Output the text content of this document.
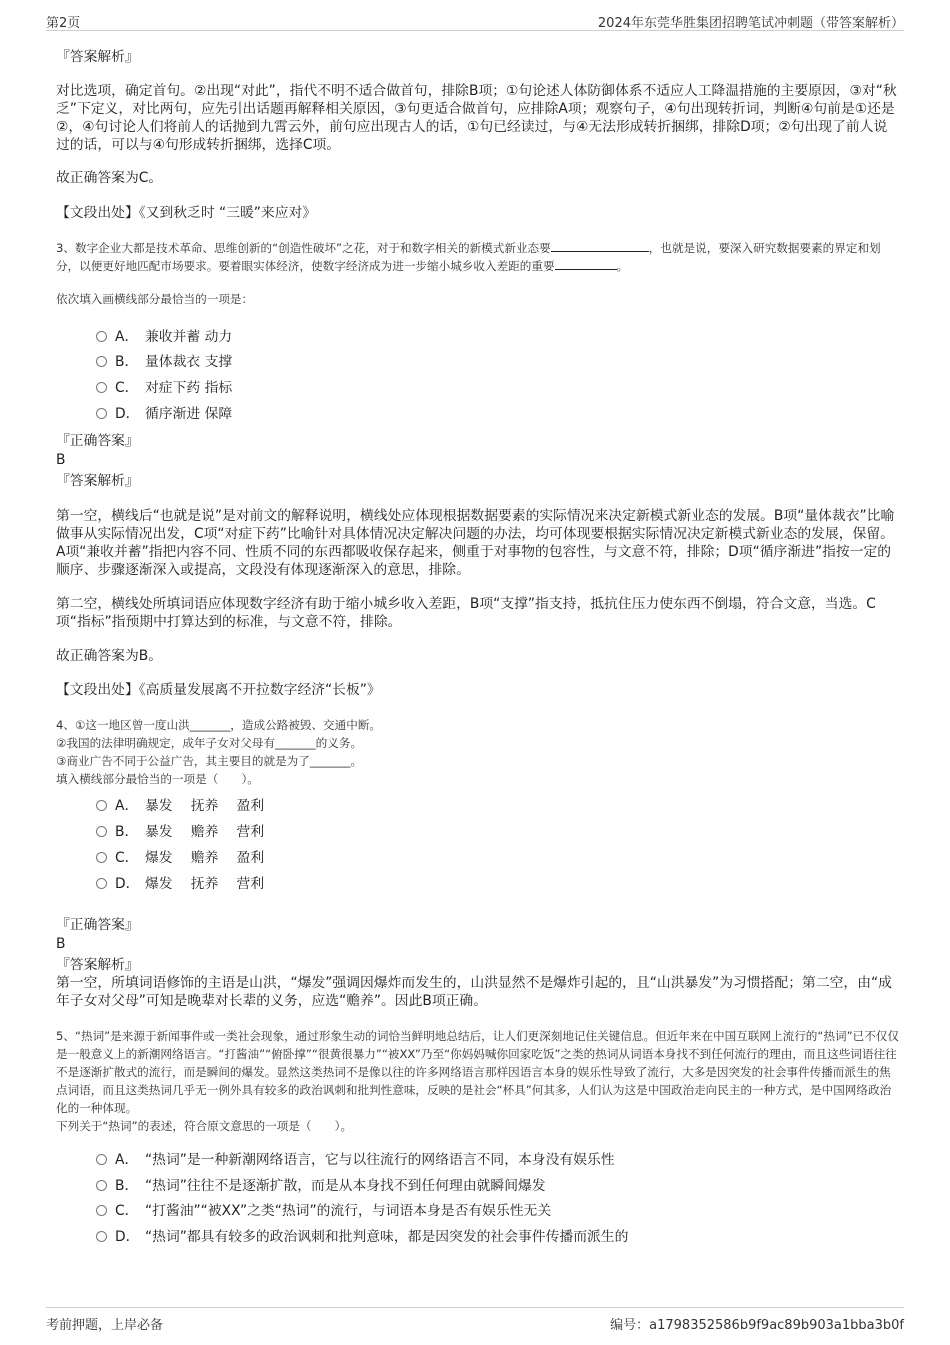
第2页	2024年东莞华胜集团招聘笔试冲刺题（带答案解析）

『答案解析』

对比选项，确定首句。②出现“对此”，指代不明不适合做首句，排除B项；①句论述人体防御体系不适应人工降温措施的主要原因，③对“秋乏”下定义，对比两句，应先引出话题再解释相关原因，③句更适合做首句，应排除A项；观察句子，④句出现转折词，判断④句前是①还是②，④句讨论人们将前人的话抛到九霄云外，前句应出现古人的话，①句已经读过，与④无法形成转折捆绑，排除D项；②句出现了前人说过的话，可以与④句形成转折捆绑，选择C项。

故正确答案为C。

【文段出处】《又到秋乏时 “三暖”来应对》

3、数字企业大都是技术革命、思维创新的“创造性破坏”之花，对于和数字相关的新模式新业态要	，也就是说，要深入研究数据要素的界定和划分，以便更好地匹配市场要求。要着眼实体经济，使数字经济成为进一步缩小城乡收入差距的重要	。

依次填入画横线部分最恰当的一项是：

A． 兼收并蓄 动力
B． 量体裁衣 支撑
C． 对症下药 指标
D． 循序渐进 保障

『正确答案』

B

『答案解析』

第一空，横线后“也就是说”是对前文的解释说明，横线处应体现根据数据要素的实际情况来决定新模式新业态的发展。B项“量体裁衣”比喻做事从实际情况出发，C项“对症下药”比喻针对具体情况决定解决问题的办法，均可体现要根据实际情况决定新模式新业态的发展，保留。A项“兼收并蓄”指把内容不同、性质不同的东西都吸收保存起来，侧重于对事物的包容性，与文意不符，排除；D项“循序渐进”指按一定的顺序、步骤逐渐深入或提高，文段没有体现逐渐深入的意思，排除。

第二空，横线处所填词语应体现数字经济有助于缩小城乡收入差距，B项“支撑”指支持，抵抗住压力使东西不倒塌，符合文意，当选。C项“指标”指预期中打算达到的标准，与文意不符，排除。

故正确答案为B。

【文段出处】《高质量发展离不开拉数字经济“长板”》

4、①这一地区曾一度山洪_______，造成公路被毁、交通中断。

②我国的法律明确规定，成年子女对父母有_______的义务。

③商业广告不同于公益广告，其主要目的就是为了_______。

填入横线部分最恰当的一项是（　　）。

A． 暴发　 抚养　 盈利
B． 暴发　 赡养　 营利
C． 爆发　 赡养　 盈利
D． 爆发　 抚养　 营利

『正确答案』

B

『答案解析』

第一空，所填词语修饰的主语是山洪，“爆发”强调因爆炸而发生的，山洪显然不是爆炸引起的，且“山洪暴发”为习惯搭配；第二空，由“成年子女对父母”可知是晚辈对长辈的义务，应选“赡养”。因此B项正确。

5、“热词”是来源于新闻事件或一类社会现象，通过形象生动的词恰当鲜明地总结后，让人们更深刻地记住关键信息。但近年来在中国互联网上流行的“热词”已不仅仅是一般意义上的新潮网络语言。“打酱油”“俯卧撑”“很黄很暴力”“被XX”乃至“你妈妈喊你回家吃饭”之类的热词从词语本身找不到任何流行的理由，而且这些词语往往不是逐渐扩散式的流行，而是瞬间的爆发。显然这类热词不是像以往的许多网络语言那样因语言本身的娱乐性导致了流行，大多是因突发的社会事件传播而派生的焦点词语，而且这类热词几乎无一例外具有较多的政治讽刺和批判性意味，反映的是社会“杯具”何其多，人们认为这是中国政治走向民主的一种方式，是中国网络政治化的一种体现。

下列关于“热词”的表述，符合原文意思的一项是（　　）。

A． “热词”是一种新潮网络语言，它与以往流行的网络语言不同，本身没有娱乐性
B． “热词”往往不是逐渐扩散，而是从本身找不到任何理由就瞬间爆发
C． “打酱油”“被XX”之类“热词”的流行，与词语本身是否有娱乐性无关
D． “热词”都具有较多的政治讽刺和批判意味，都是因突发的社会事件传播而派生的
考前押题，上岸必备	编号：a1798352586b9f9ac89b903a1bba3b0f
